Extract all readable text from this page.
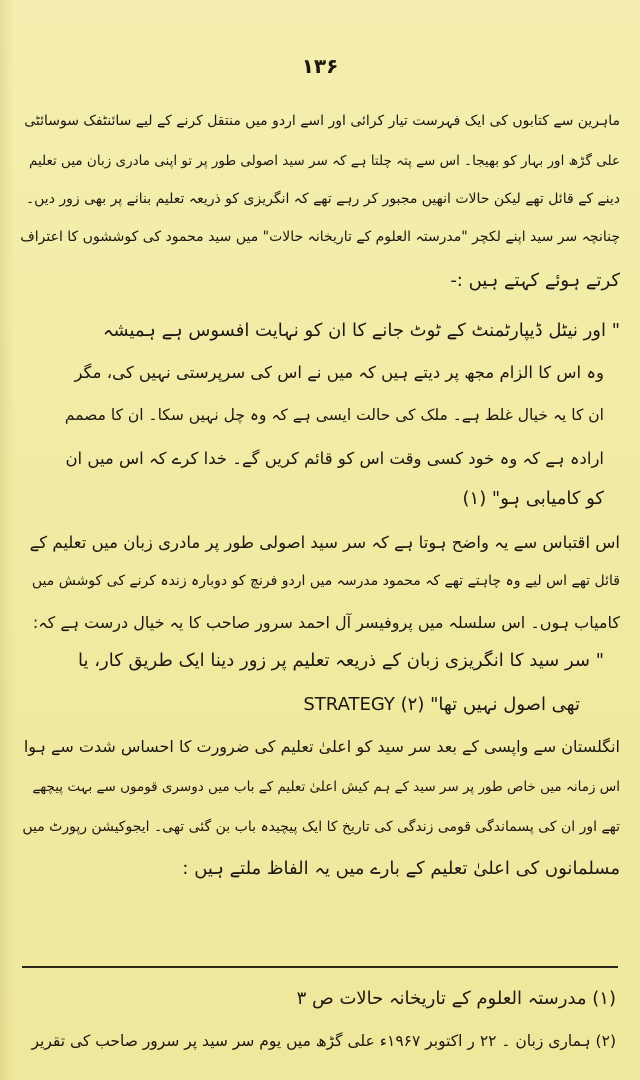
۱۳۶
ماہرین سے کتابوں کی ایک فہرست تیار کرائی اور اسے اردو میں منتقل کرنے کے لیے سائنٹفک سوسائٹی
علی گڑھ اور بہار کو بھیجا۔ اس سے پتہ چلتا ہے کہ سر سید اصولی طور پر تو اپنی مادری زبان میں تعلیم
دینے کے قائل تھے لیکن حالات انھیں مجبور کر رہے تھے کہ انگریزی کو ذریعہ تعلیم بنانے پر بھی زور دیں۔
چنانچہ سر سید اپنے لکچر "مدرستہ العلوم کے تاریخانہ حالات" میں سید محمود کی کوششوں کا اعتراف
کرتے ہوئے کہتے ہیں :-
" اور نیٹل ڈیپارٹمنٹ کے ٹوٹ جانے کا ان کو نہایت افسوس ہے ہمیشہ
وہ اس کا الزام مجھ پر دیتے ہیں کہ میں نے اس کی سرپرستی نہیں کی، مگر
ان کا یہ خیال غلط ہے۔ ملک کی حالت ایسی ہے کہ وہ چل نہیں سکا۔ ان کا مصمم
ارادہ ہے کہ وہ خود کسی وقت اس کو قائم کریں گے۔ خدا کرے کہ اس میں ان
کو کامیابی ہو" (۱)
اس اقتباس سے یہ واضح ہوتا ہے کہ سر سید اصولی طور پر مادری زبان میں تعلیم کے
قائل تھے اس لیے وہ چاہتے تھے کہ محمود مدرسہ میں اردو فرنچ کو دوبارہ زندہ کرنے کی کوشش میں
کامیاب ہوں۔ اس سلسلہ میں پروفیسر آل احمد سرور صاحب کا یہ خیال درست ہے کہ:
" سر سید کا انگریزی زبان کے ذریعہ تعلیم پر زور دینا ایک طریق کار، یا
STRATEGY تھی اصول نہیں تھا" (۲)
انگلستان سے واپسی کے بعد سر سید کو اعلیٰ تعلیم کی ضرورت کا احساس شدت سے ہوا
اس زمانہ میں خاص طور پر سر سید کے ہم کیش اعلیٰ تعلیم کے باب میں دوسری قوموں سے بہت پیچھے
تھے اور ان کی پسماندگی قومی زندگی کی تاریخ کا ایک پیچیدہ باب بن گئی تھی۔ ایجوکیشن رپورٹ میں
مسلمانوں کی اعلیٰ تعلیم کے بارے میں یہ الفاظ ملتے ہیں :
(۱) مدرستہ العلوم کے تاریخانہ حالات ص ۳
(۲) ہماری زبان ۔ ۲۲ ر اکتوبر ۱۹۶۷ء علی گڑھ میں یوم سر سید پر سرور صاحب کی تقریر
